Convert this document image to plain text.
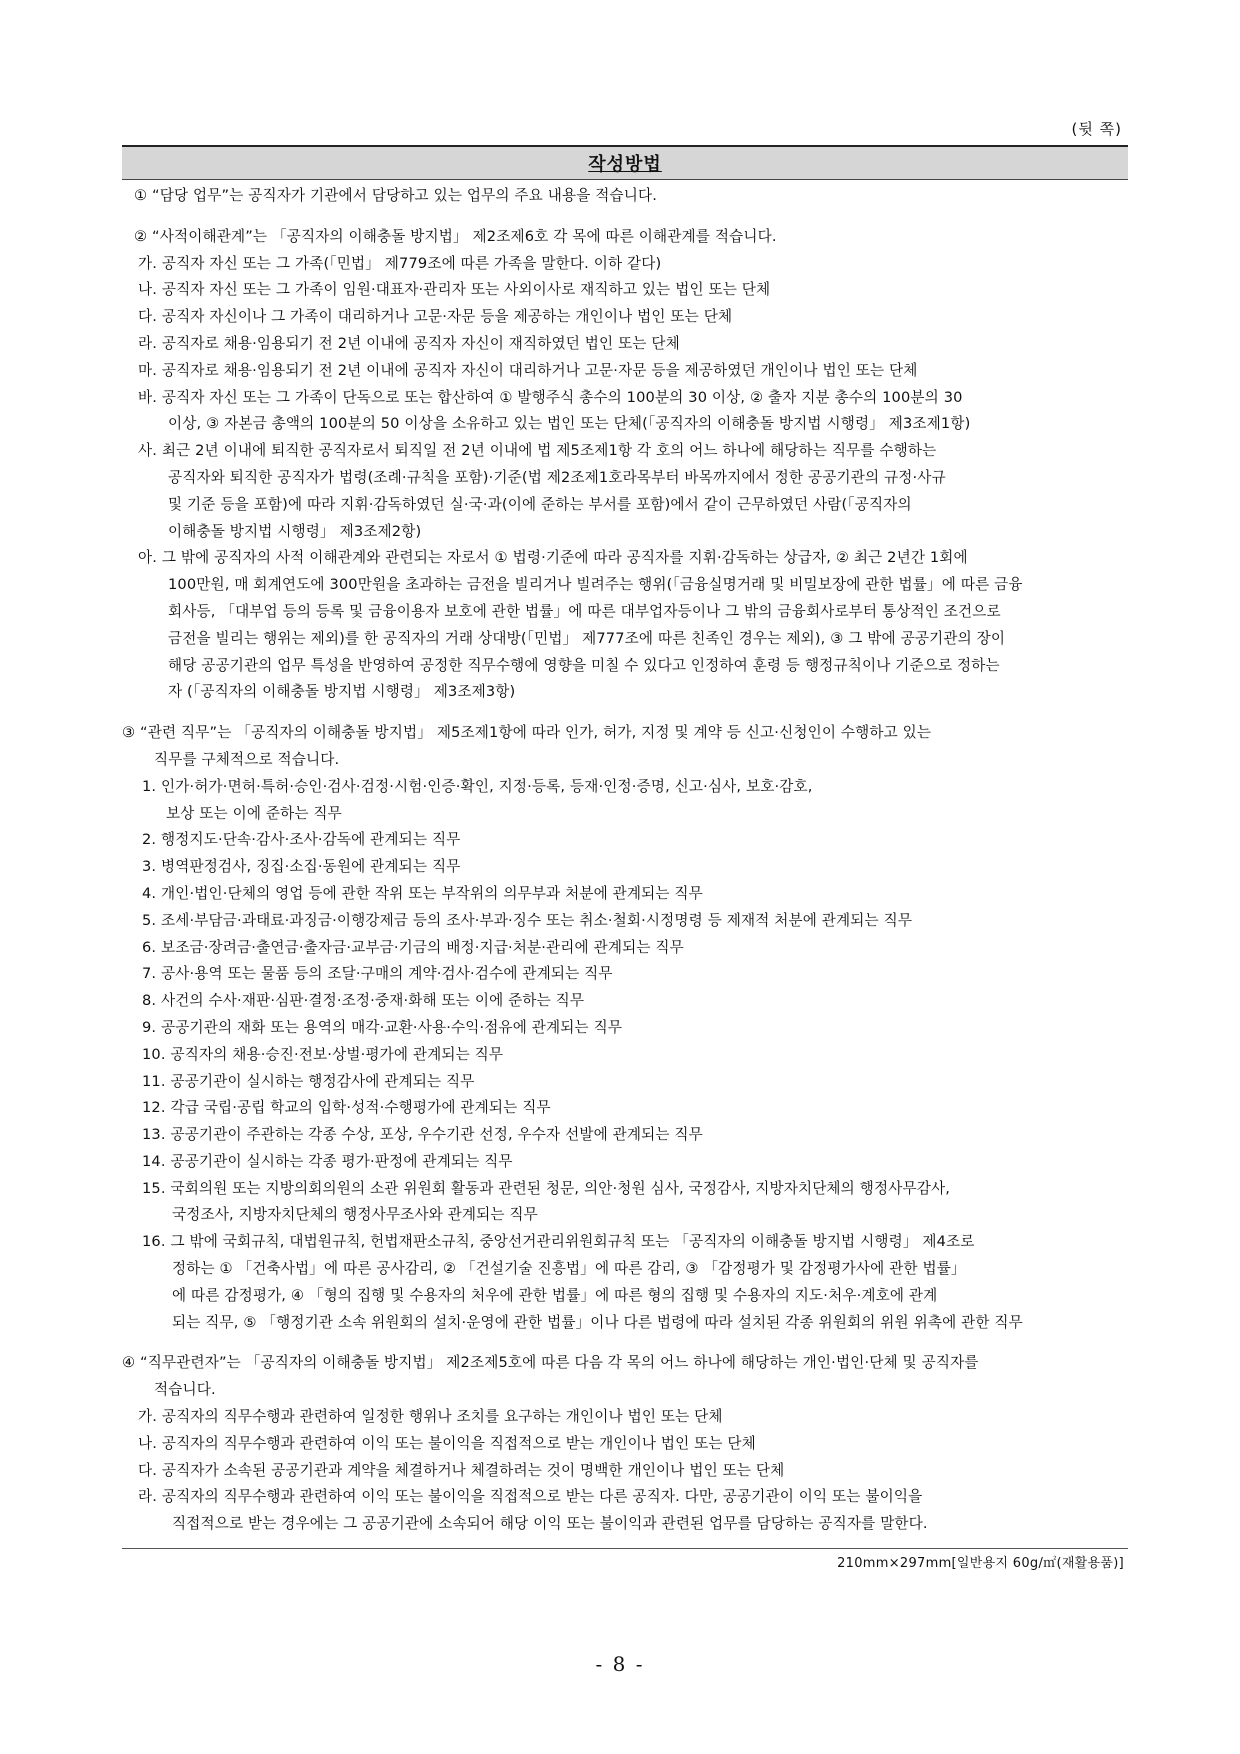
(뒷 쪽)
작성방법
① “담당 업무”는 공직자가 기관에서 담당하고 있는 업무의 주요 내용을 적습니다.
② “사적이해관계”는 「공직자의 이해충돌 방지법」 제2조제6호 각 목에 따른 이해관계를 적습니다.
가. 공직자 자신 또는 그 가족(「민법」 제779조에 따른 가족을 말한다. 이하 같다)
나. 공직자 자신 또는 그 가족이 임원·대표자·관리자 또는 사외이사로 재직하고 있는 법인 또는 단체
다. 공직자 자신이나 그 가족이 대리하거나 고문·자문 등을 제공하는 개인이나 법인 또는 단체
라. 공직자로 채용·임용되기 전 2년 이내에 공직자 자신이 재직하였던 법인 또는 단체
마. 공직자로 채용·임용되기 전 2년 이내에 공직자 자신이 대리하거나 고문·자문 등을 제공하였던 개인이나 법인 또는 단체
바. 공직자 자신 또는 그 가족이 단독으로 또는 합산하여 ① 발행주식 총수의 100분의 30 이상, ② 출자 지분 총수의 100분의 30
이상, ③ 자본금 총액의 100분의 50 이상을 소유하고 있는 법인 또는 단체(「공직자의 이해충돌 방지법 시행령」 제3조제1항)
사. 최근 2년 이내에 퇴직한 공직자로서 퇴직일 전 2년 이내에 법 제5조제1항 각 호의 어느 하나에 해당하는 직무를 수행하는
공직자와 퇴직한 공직자가 법령(조례·규칙을 포함)·기준(법 제2조제1호라목부터 바목까지에서 정한 공공기관의 규정·사규
및 기준 등을 포함)에 따라 지휘·감독하였던 실·국·과(이에 준하는 부서를 포함)에서 같이 근무하였던 사람(「공직자의
이해충돌 방지법 시행령」 제3조제2항)
아. 그 밖에 공직자의 사적 이해관계와 관련되는 자로서 ① 법령·기준에 따라 공직자를 지휘·감독하는 상급자, ② 최근 2년간 1회에
100만원, 매 회계연도에 300만원을 초과하는 금전을 빌리거나 빌려주는 행위(「금융실명거래 및 비밀보장에 관한 법률」에 따른 금융
회사등, 「대부업 등의 등록 및 금융이용자 보호에 관한 법률」에 따른 대부업자등이나 그 밖의 금융회사로부터 통상적인 조건으로
금전을 빌리는 행위는 제외)를 한 공직자의 거래 상대방(「민법」 제777조에 따른 친족인 경우는 제외), ③ 그 밖에 공공기관의 장이
해당 공공기관의 업무 특성을 반영하여 공정한 직무수행에 영향을 미칠 수 있다고 인정하여 훈령 등 행정규칙이나 기준으로 정하는
자 (「공직자의 이해충돌 방지법 시행령」 제3조제3항)
③ “관련 직무”는 「공직자의 이해충돌 방지법」 제5조제1항에 따라 인가, 허가, 지정 및 계약 등 신고·신청인이 수행하고 있는
직무를 구체적으로 적습니다.
1. 인가·허가·면허·특허·승인·검사·검정·시험·인증·확인, 지정·등록, 등재·인정·증명, 신고·심사, 보호·감호,
보상 또는 이에 준하는 직무
2. 행정지도·단속·감사·조사·감독에 관계되는 직무
3. 병역판정검사, 징집·소집·동원에 관계되는 직무
4. 개인·법인·단체의 영업 등에 관한 작위 또는 부작위의 의무부과 처분에 관계되는 직무
5. 조세·부담금·과태료·과징금·이행강제금 등의 조사·부과·징수 또는 취소·철회·시정명령 등 제재적 처분에 관계되는 직무
6. 보조금·장려금·출연금·출자금·교부금·기금의 배정·지급·처분·관리에 관계되는 직무
7. 공사·용역 또는 물품 등의 조달·구매의 계약·검사·검수에 관계되는 직무
8. 사건의 수사·재판·심판·결정·조정·중재·화해 또는 이에 준하는 직무
9. 공공기관의 재화 또는 용역의 매각·교환·사용·수익·점유에 관계되는 직무
10. 공직자의 채용·승진·전보·상벌·평가에 관계되는 직무
11. 공공기관이 실시하는 행정감사에 관계되는 직무
12. 각급 국립·공립 학교의 입학·성적·수행평가에 관계되는 직무
13. 공공기관이 주관하는 각종 수상, 포상, 우수기관 선정, 우수자 선발에 관계되는 직무
14. 공공기관이 실시하는 각종 평가·판정에 관계되는 직무
15. 국회의원 또는 지방의회의원의 소관 위원회 활동과 관련된 청문, 의안·청원 심사, 국정감사, 지방자치단체의 행정사무감사,
국정조사, 지방자치단체의 행정사무조사와 관계되는 직무
16. 그 밖에 국회규칙, 대법원규칙, 헌법재판소규칙, 중앙선거관리위원회규칙 또는 「공직자의 이해충돌 방지법 시행령」 제4조로
정하는 ① 「건축사법」에 따른 공사감리, ② 「건설기술 진흥법」에 따른 감리, ③ 「감정평가 및 감정평가사에 관한 법률」
에 따른 감정평가, ④ 「형의 집행 및 수용자의 처우에 관한 법률」에 따른 형의 집행 및 수용자의 지도·처우·계호에 관계
되는 직무, ⑤ 「행정기관 소속 위원회의 설치·운영에 관한 법률」이나 다른 법령에 따라 설치된 각종 위원회의 위원 위촉에 관한 직무
④ “직무관련자”는 「공직자의 이해충돌 방지법」 제2조제5호에 따른 다음 각 목의 어느 하나에 해당하는 개인·법인·단체 및 공직자를
적습니다.
가. 공직자의 직무수행과 관련하여 일정한 행위나 조치를 요구하는 개인이나 법인 또는 단체
나. 공직자의 직무수행과 관련하여 이익 또는 불이익을 직접적으로 받는 개인이나 법인 또는 단체
다. 공직자가 소속된 공공기관과 계약을 체결하거나 체결하려는 것이 명백한 개인이나 법인 또는 단체
라. 공직자의 직무수행과 관련하여 이익 또는 불이익을 직접적으로 받는 다른 공직자. 다만, 공공기관이 이익 또는 불이익을
직접적으로 받는 경우에는 그 공공기관에 소속되어 해당 이익 또는 불이익과 관련된 업무를 담당하는 공직자를 말한다.
210mm×297mm[일반용지 60g/㎡(재활용품)]
- 8 -
